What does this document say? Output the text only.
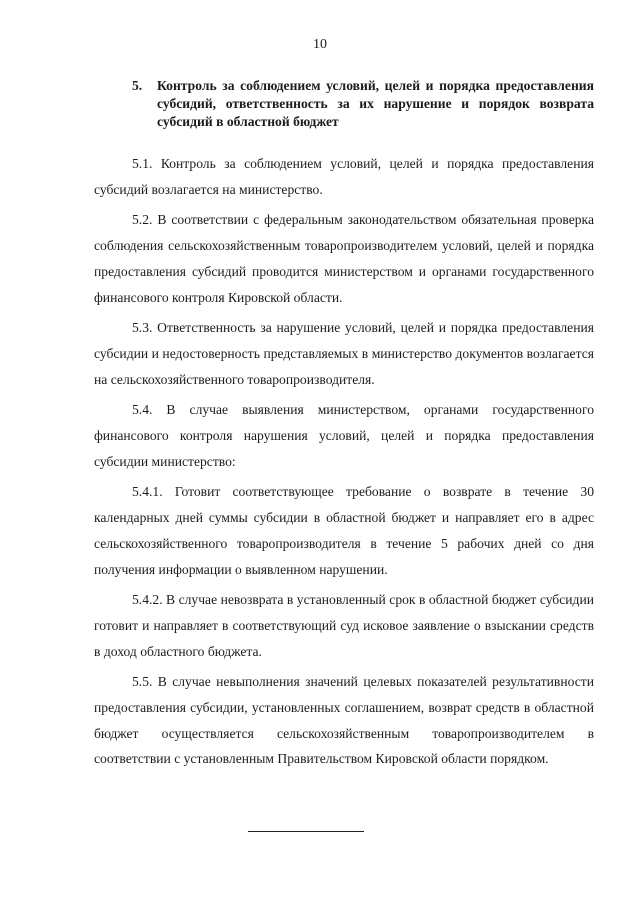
10
5. Контроль за соблюдением условий, целей и порядка предоставления субсидий, ответственность за их нарушение и порядок возврата субсидий в областной бюджет

5.1. Контроль за соблюдением условий, целей и порядка предоставления субсидий возлагается на министерство.

5.2. В соответствии с федеральным законодательством обязательная проверка соблюдения сельскохозяйственным товаропроизводителем условий, целей и порядка предоставления субсидий проводится министерством и органами государственного финансового контроля Кировской области.

5.3. Ответственность за нарушение условий, целей и порядка предоставления субсидии и недостоверность представляемых в министерство документов возлагается на сельскохозяйственного товаропроизводителя.

5.4. В случае выявления министерством, органами государственного финансового контроля нарушения условий, целей и порядка предоставления субсидии министерство:

5.4.1. Готовит соответствующее требование о возврате в течение 30 календарных дней суммы субсидии в областной бюджет и направляет его в адрес сельскохозяйственного товаропроизводителя в течение 5 рабочих дней со дня получения информации о выявленном нарушении.

5.4.2. В случае невозврата в установленный срок в областной бюджет субсидии готовит и направляет в соответствующий суд исковое заявление о взыскании средств в доход областного бюджета.

5.5. В случае невыполнения значений целевых показателей результативности предоставления субсидии, установленных соглашением, возврат средств в областной бюджет осуществляется сельскохозяйственным товаропроизводителем в соответствии с установленным Правительством Кировской области порядком.
